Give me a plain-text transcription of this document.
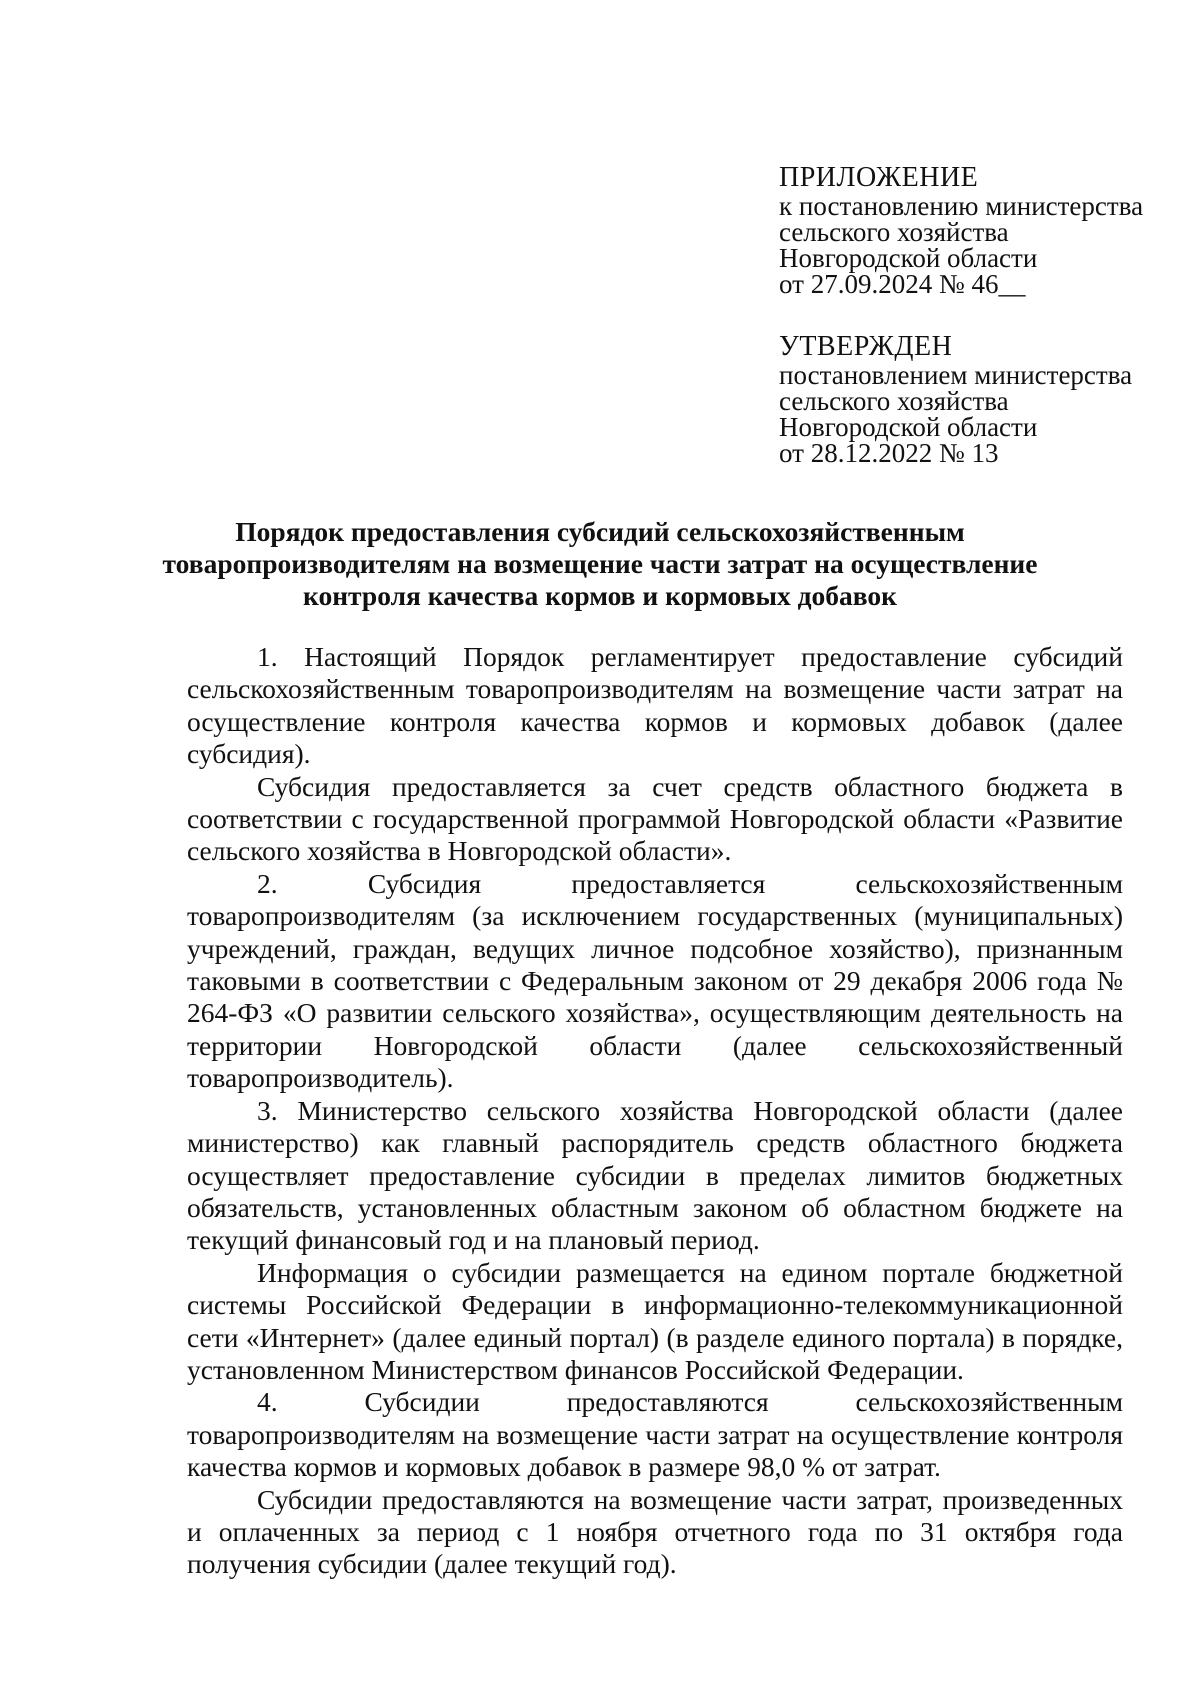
ПРИЛОЖЕНИЕ
к постановлению министерства
сельского хозяйства
Новгородской области
от 27.09.2024 № 46__
УТВЕРЖДЕН
постановлением министерства
сельского хозяйства
Новгородской области
от 28.12.2022 № 13
Порядок предоставления субсидий сельскохозяйственным
товаропроизводителям на возмещение части затрат на осуществление
контроля качества кормов и кормовых добавок

1. Настоящий Порядок регламентирует предоставление субсидий сельскохозяйственным товаропроизводителям на возмещение части затрат на осуществление контроля качества кормов и кормовых добавок (далее субсидия).

Субсидия предоставляется за счет средств областного бюджета в соответствии с государственной программой Новгородской области «Развитие сельского хозяйства в Новгородской области».

2. Субсидия предоставляется сельскохозяйственным товаропроизводителям (за исключением государственных (муниципальных) учреждений, граждан, ведущих личное подсобное хозяйство), признанным таковыми в соответствии с Федеральным законом от 29 декабря 2006 года № 264-ФЗ «О развитии сельского хозяйства», осуществляющим деятельность на территории Новгородской области (далее сельскохозяйственный товаропроизводитель).

3. Министерство сельского хозяйства Новгородской области (далее министерство) как главный распорядитель средств областного бюджета осуществляет предоставление субсидии в пределах лимитов бюджетных обязательств, установленных областным законом об областном бюджете на текущий финансовый год и на плановый период.

Информация о субсидии размещается на едином портале бюджетной системы Российской Федерации в информационно-телекоммуникационной сети «Интернет» (далее единый портал) (в разделе единого портала) в порядке, установленном Министерством финансов Российской Федерации.

4. Субсидии предоставляются сельскохозяйственным товаропроизводителям на возмещение части затрат на осуществление контроля качества кормов и кормовых добавок в размере 98,0 % от затрат.

Субсидии предоставляются на возмещение части затрат, произведенных и оплаченных за период с 1 ноября отчетного года по 31 октября года получения субсидии (далее текущий год).
